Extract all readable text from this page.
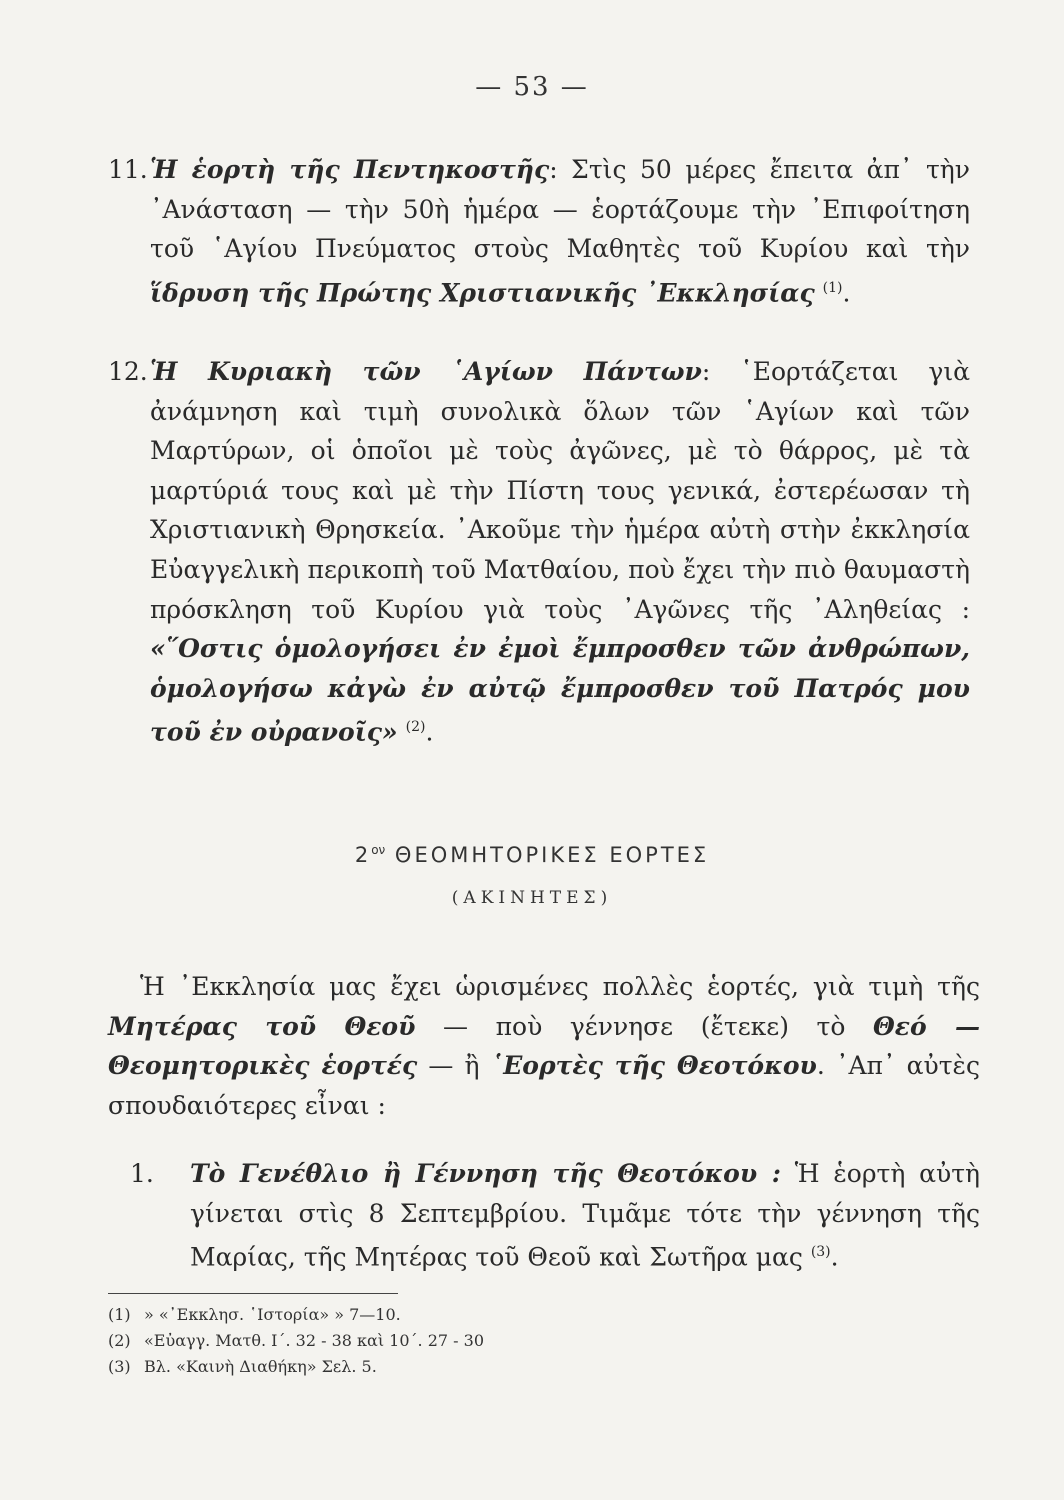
— 53 —
11. Ἡ ἑορτὴ τῆς Πεντηκοστῆς: Στὶς 50 μέρες ἔπειτα ἀπ᾽ τὴν ᾿Ανάσταση — τὴν 50ὴ ἡμέρα — ἑορτάζουμε τὴν ᾿Επιφοίτηση τοῦ ῾Αγίου Πνεύματος στοὺς Μαθητὲς τοῦ Κυρίου καὶ τὴν ἵδρυση τῆς Πρώτης Χριστιανικῆς ᾿Εκκλησίας $^{(1)}$.

12. Ἡ Κυριακὴ τῶν ῾Αγίων Πάντων: ῾Εορτάζεται γιὰ ἀνάμνηση καὶ τιμὴ συνολικὰ ὅλων τῶν ῾Αγίων καὶ τῶν Μαρτύρων, οἱ ὁποῖοι μὲ τοὺς ἀγῶνες, μὲ τὸ θάρρος, μὲ τὰ μαρτύριά τους καὶ μὲ τὴν Πίστη τους γενικά, ἐστερέωσαν τὴ Χριστιανικὴ Θρησκεία. ᾿Ακοῦμε τὴν ἡμέρα αὐτὴ στὴν ἐκκλησία Εὐαγγελικὴ περικοπὴ τοῦ Ματθαίου, ποὺ ἔχει τὴν πιὸ θαυμαστὴ πρόσκληση τοῦ Κυρίου γιὰ τοὺς ᾿Αγῶνες τῆς ᾿Αληθείας : «῞Οστις ὁμολογήσει ἐν ἐμοὶ ἔμπροσθεν τῶν ἀνθρώπων, ὁμολογήσω κἀγὼ ἐν αὐτῷ ἔμπροσθεν τοῦ Πατρός μου τοῦ ἐν οὐρανοῖς» $^{(2)}$.

$2^{o\nu}$ ΘΕΟΜΗΤΟΡΙΚΕΣ ΕΟΡΤΕΣ
(ΑΚΙΝΗΤΕΣ)

Ἡ ᾿Εκκλησία μας ἔχει ὡρισμένες πολλὲς ἑορτές, γιὰ τιμὴ τῆς Μητέρας τοῦ Θεοῦ — ποὺ γέννησε (ἔτεκε) τὸ Θεό — Θεομητορικὲς ἑορτές — ἢ ῾Εορτὲς τῆς Θεοτόκου. ᾿Απ᾽ αὐτὲς σπουδαιότερες εἶναι :

1. Τὸ Γενέθλιο ἢ Γέννηση τῆς Θεοτόκου : Ἡ ἑορτὴ αὐτὴ γίνεται στὶς 8 Σεπτεμβρίου. Τιμᾶμε τότε τὴν γέννηση τῆς Μαρίας, τῆς Μητέρας τοῦ Θεοῦ καὶ Σωτῆρα μας $^{(3)}$.

(1) » «᾿Εκκλησ. ῾Ιστορία» » 7—10.
(2) «Εὐαγγ. Ματθ. Ι´. 32 - 38 καὶ 10´. 27 - 30
(3) Βλ. «Καινὴ Διαθήκη» Σελ. 5.
